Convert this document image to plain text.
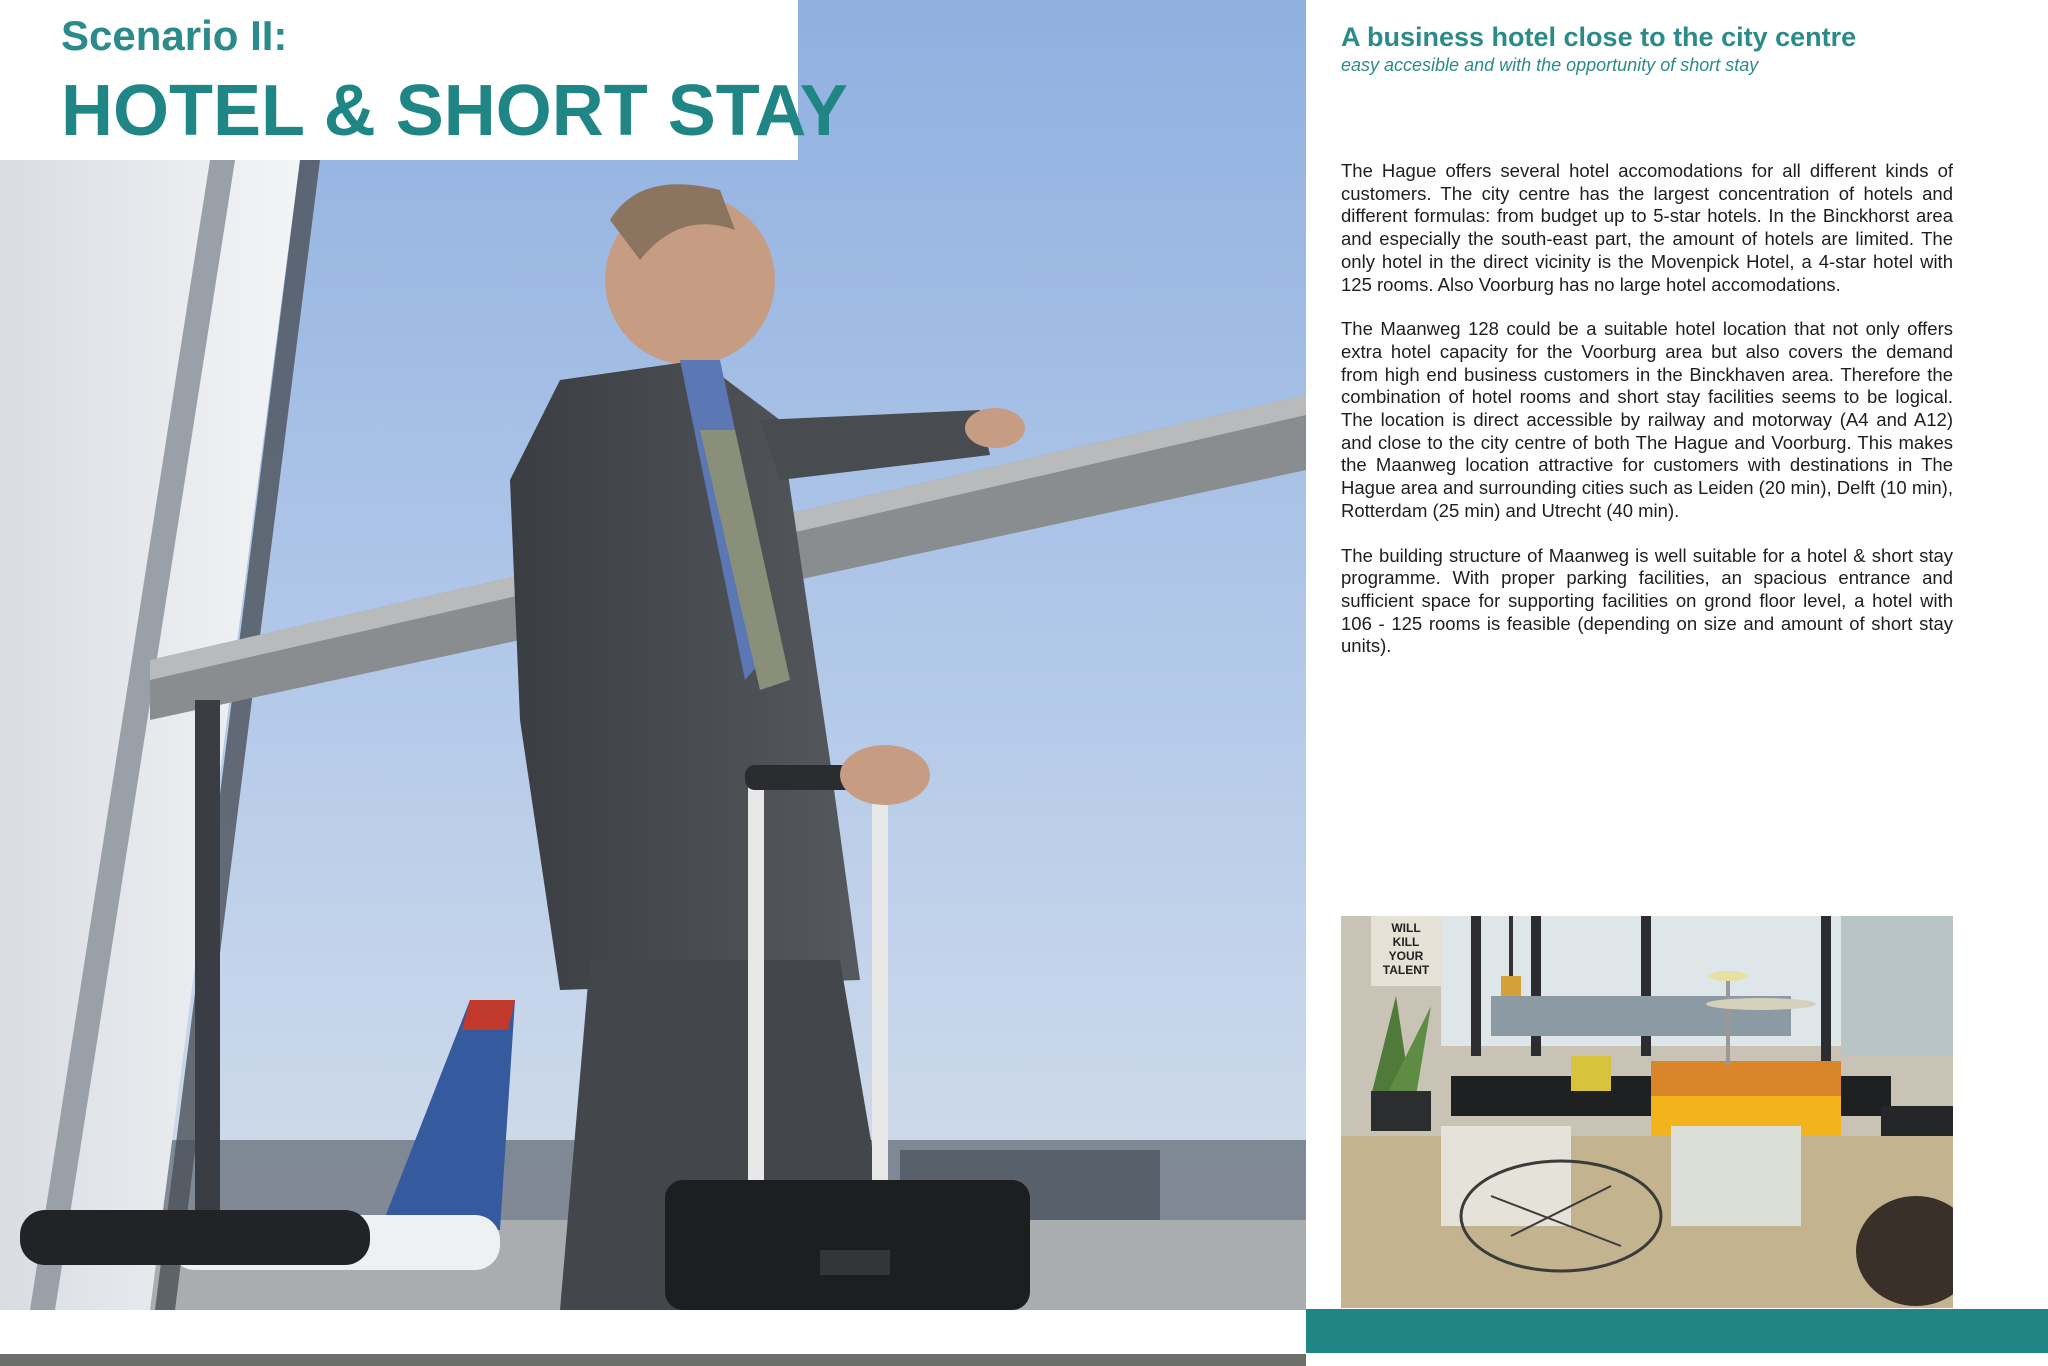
Scenario II:
HOTEL & SHORT STAY

A business hotel close to the city centre

easy accesible and with the opportunity of short stay

The Hague offers several hotel accomodations for all different kinds of customers. The city centre has the largest concentration of hotels and different formulas: from budget up to 5-star hotels. In the Binckhorst area and especially the south-east part, the amount of hotels are limited. The only hotel in the direct vicinity is the Movenpick Hotel, a 4-star hotel with 125 rooms. Also Voorburg has no large hotel accomodations.

The Maanweg 128 could be a suitable hotel location that not only offers extra hotel capacity for the Voorburg area but also covers the demand from high end business customers in the Binckhaven area. Therefore the combination of hotel rooms and short stay facilities seems to be logical. The location is direct accessible by railway and motorway (A4 and A12) and close to the city centre of both The Hague and Voorburg. This makes the Maanweg location attractive for customers with destinations in The Hague area and surrounding cities such as Leiden (20 min), Delft (10 min), Rotterdam (25 min) and Utrecht (40 min).

The building structure of Maanweg is well suitable for a hotel & short stay programme. With proper parking facilities, an spacious entrance and sufficient space for supporting facilities on grond floor level, a hotel with 106 - 125 rooms is feasible (depending on size and amount of short stay units).

WILL
KILL
YOUR
TALENT
